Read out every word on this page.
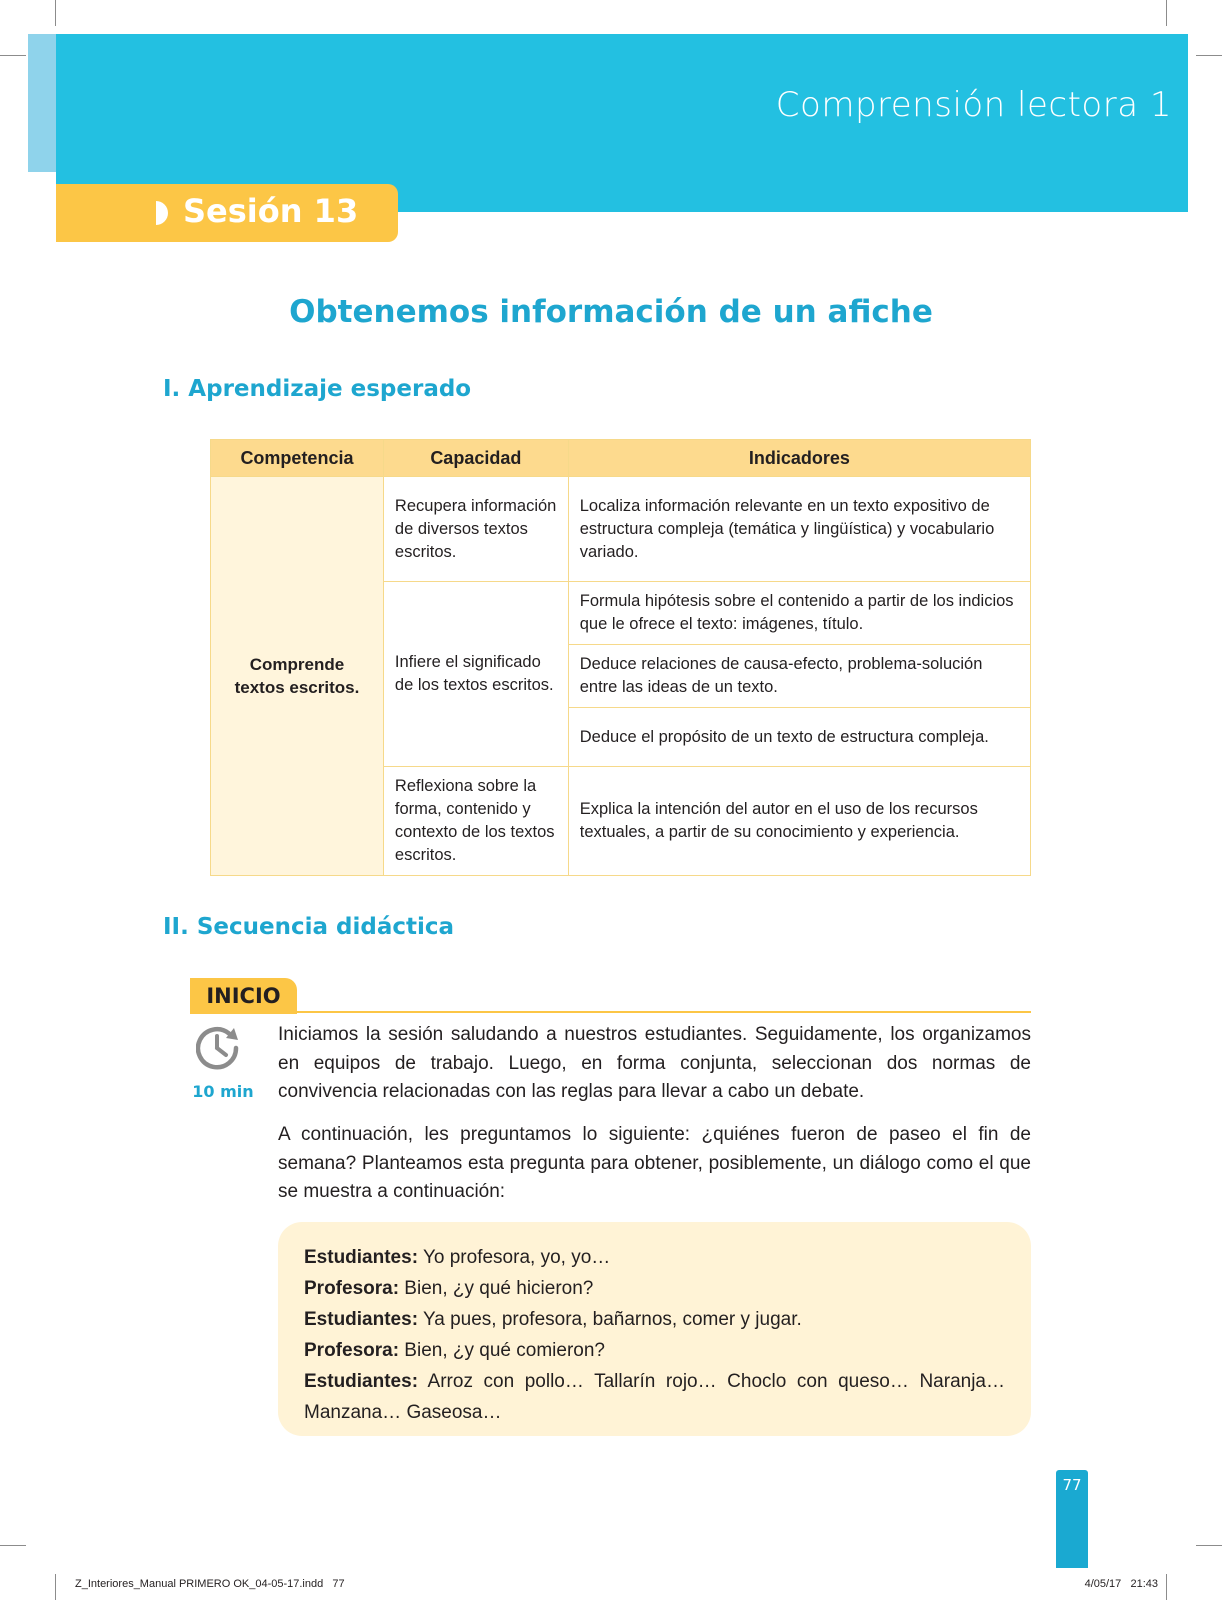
Comprensión lectora 1
Sesión 13
Obtenemos información de un afiche
I. Aprendizaje esperado
Competencia	Capacidad	Indicadores
Comprende textos escritos.	Recupera información de diversos textos escritos.	Localiza información relevante en un texto expositivo de estructura compleja (temática y lingüística) y vocabulario variado.
	Infiere el significado de los textos escritos.	Formula hipótesis sobre el contenido a partir de los indicios que le ofrece el texto: imágenes, título.
		Deduce relaciones de causa-efecto, problema-solución entre las ideas de un texto.
		Deduce el propósito de un texto de estructura compleja.
	Reflexiona sobre la forma, contenido y contexto de los textos escritos.	Explica la intención del autor en el uso de los recursos textuales, a partir de su conocimiento y experiencia.
II. Secuencia didáctica
INICIO
10 min
Iniciamos la sesión saludando a nuestros estudiantes. Seguidamente, los organizamos en equipos de trabajo. Luego, en forma conjunta, seleccionan dos normas de convivencia relacionadas con las reglas para llevar a cabo un debate.
A continuación, les preguntamos lo siguiente: ¿quiénes fueron de paseo el fin de semana? Planteamos esta pregunta para obtener, posiblemente, un diálogo como el que se muestra a continuación:

Estudiantes: Yo profesora, yo, yo…

Profesora: Bien, ¿y qué hicieron?

Estudiantes: Ya pues, profesora, bañarnos, comer y jugar.

Profesora: Bien, ¿y qué comieron?

Estudiantes: Arroz con pollo… Tallarín rojo… Choclo con queso… Naranja… Manzana… Gaseosa…

77
Z_Interiores_Manual PRIMERO OK_04-05-17.indd   77	4/05/17   21:43
